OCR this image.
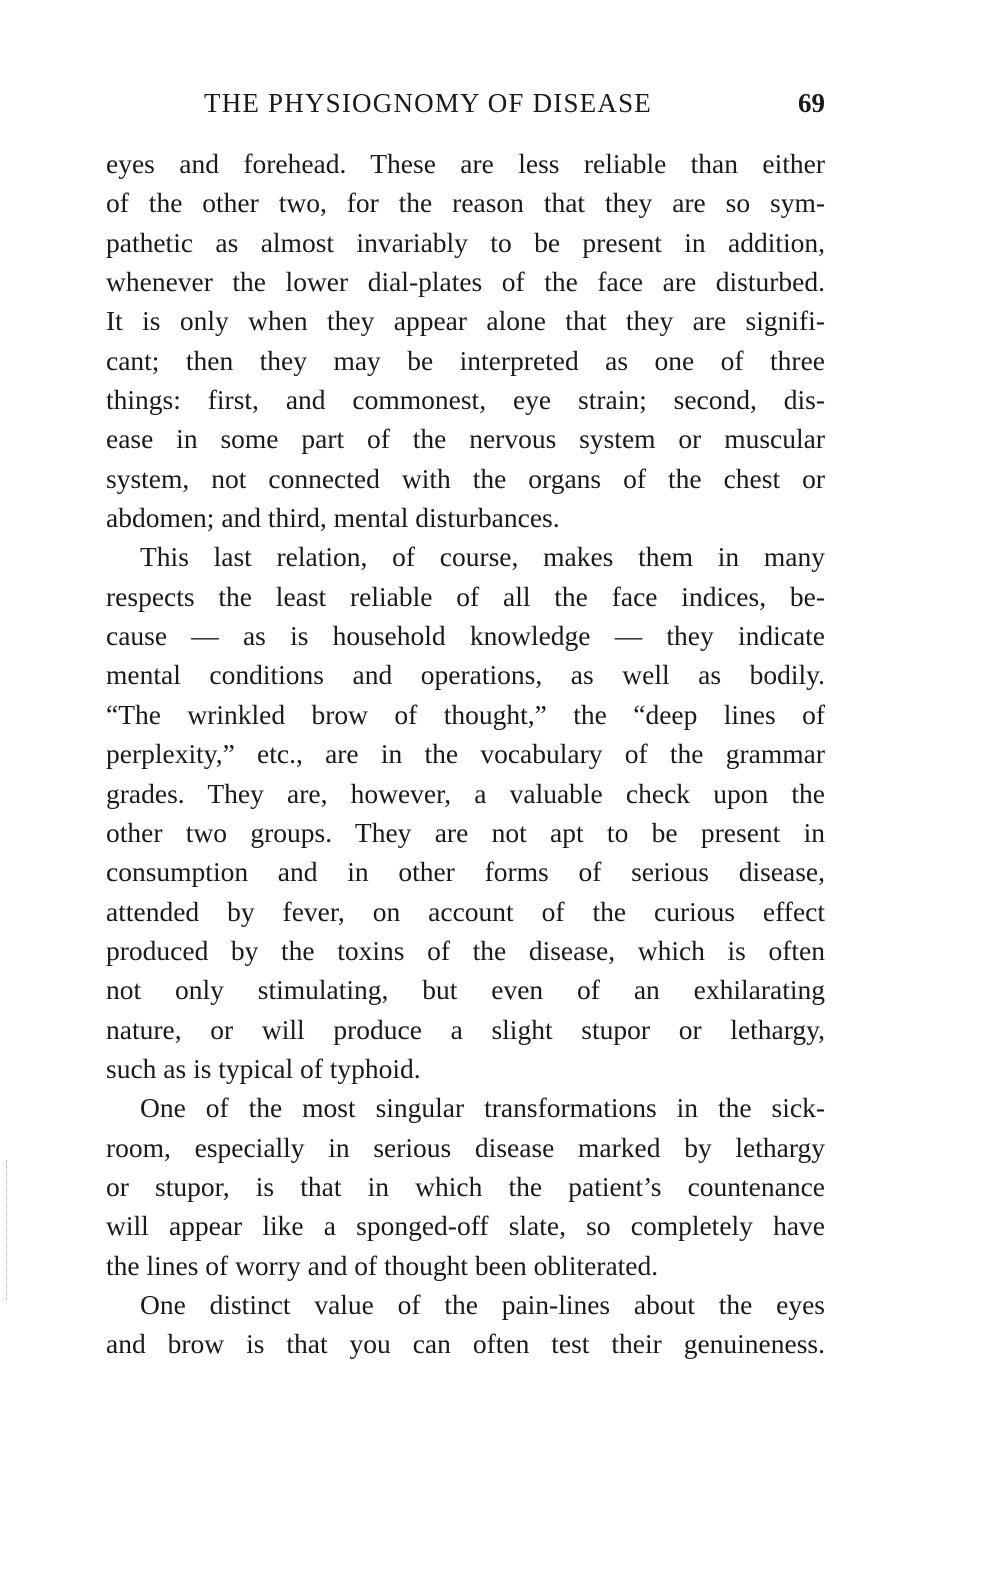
THE PHYSIOGNOMY OF DISEASE	69
eyes and forehead. These are less reliable than either
of the other two, for the reason that they are so sym-
pathetic as almost invariably to be present in addition,
whenever the lower dial-plates of the face are disturbed.
It is only when they appear alone that they are signifi-
cant; then they may be interpreted as one of three
things: first, and commonest, eye strain; second, dis-
ease in some part of the nervous system or muscular
system, not connected with the organs of the chest or
abdomen; and third, mental disturbances.
This last relation, of course, makes them in many
respects the least reliable of all the face indices, be-
cause — as is household knowledge — they indicate
mental conditions and operations, as well as bodily.
“The wrinkled brow of thought,” the “deep lines of
perplexity,” etc., are in the vocabulary of the grammar
grades. They are, however, a valuable check upon the
other two groups. They are not apt to be present in
consumption and in other forms of serious disease,
attended by fever, on account of the curious effect
produced by the toxins of the disease, which is often
not only stimulating, but even of an exhilarating
nature, or will produce a slight stupor or lethargy,
such as is typical of typhoid.
One of the most singular transformations in the sick-
room, especially in serious disease marked by lethargy
or stupor, is that in which the patient’s countenance
will appear like a sponged-off slate, so completely have
the lines of worry and of thought been obliterated.
One distinct value of the pain-lines about the eyes
and brow is that you can often test their genuineness.
